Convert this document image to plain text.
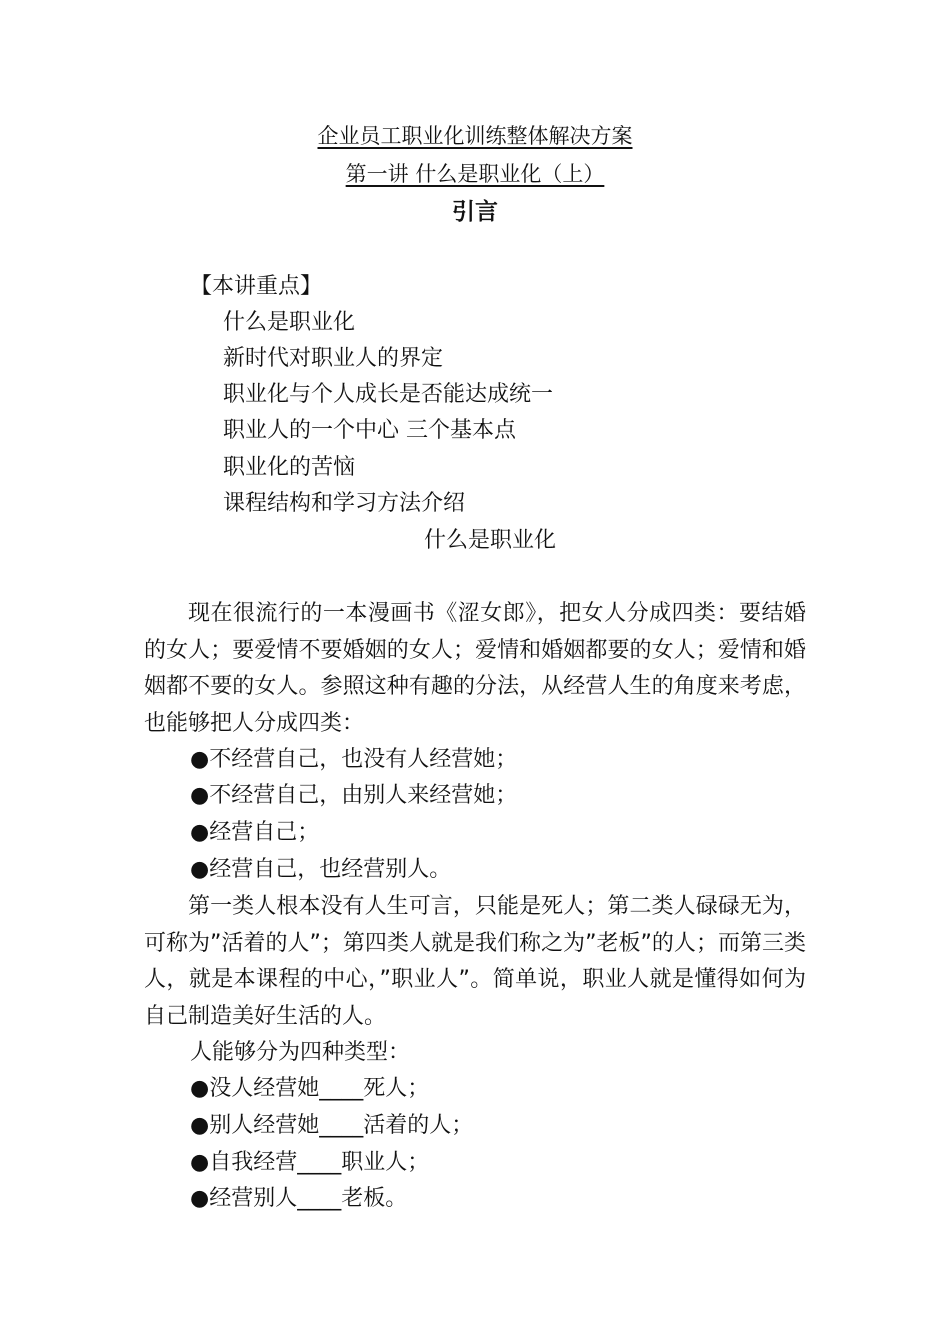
企业员工职业化训练整体解决方案
第一讲 什么是职业化（上）
引言
【本讲重点】
什么是职业化
新时代对职业人的界定
职业化与个人成长是否能达成统一
职业人的一个中心 三个基本点
职业化的苦恼
课程结构和学习方法介绍
什么是职业化

现在很流行的一本漫画书《涩女郎》，把女人分成四类：要结婚的女人；要爱情不要婚姻的女人；爱情和婚姻都要的女人；爱情和婚姻都不要的女人。参照这种有趣的分法，从经营人生的角度来考虑，也能够把人分成四类：

●不经营自己，也没有人经营她；
●不经营自己，由别人来经营她；
●经营自己；
●经营自己，也经营别人。

第一类人根本没有人生可言，只能是死人；第二类人碌碌无为，可称为”活着的人”；第四类人就是我们称之为”老板”的人；而第三类人，就是本课程的中心，”职业人”。简单说，职业人就是懂得如何为自己制造美好生活的人。

人能够分为四种类型：
●没人经营她____死人；
●别人经营她____活着的人；
●自我经营____职业人；
●经营别人____老板。
